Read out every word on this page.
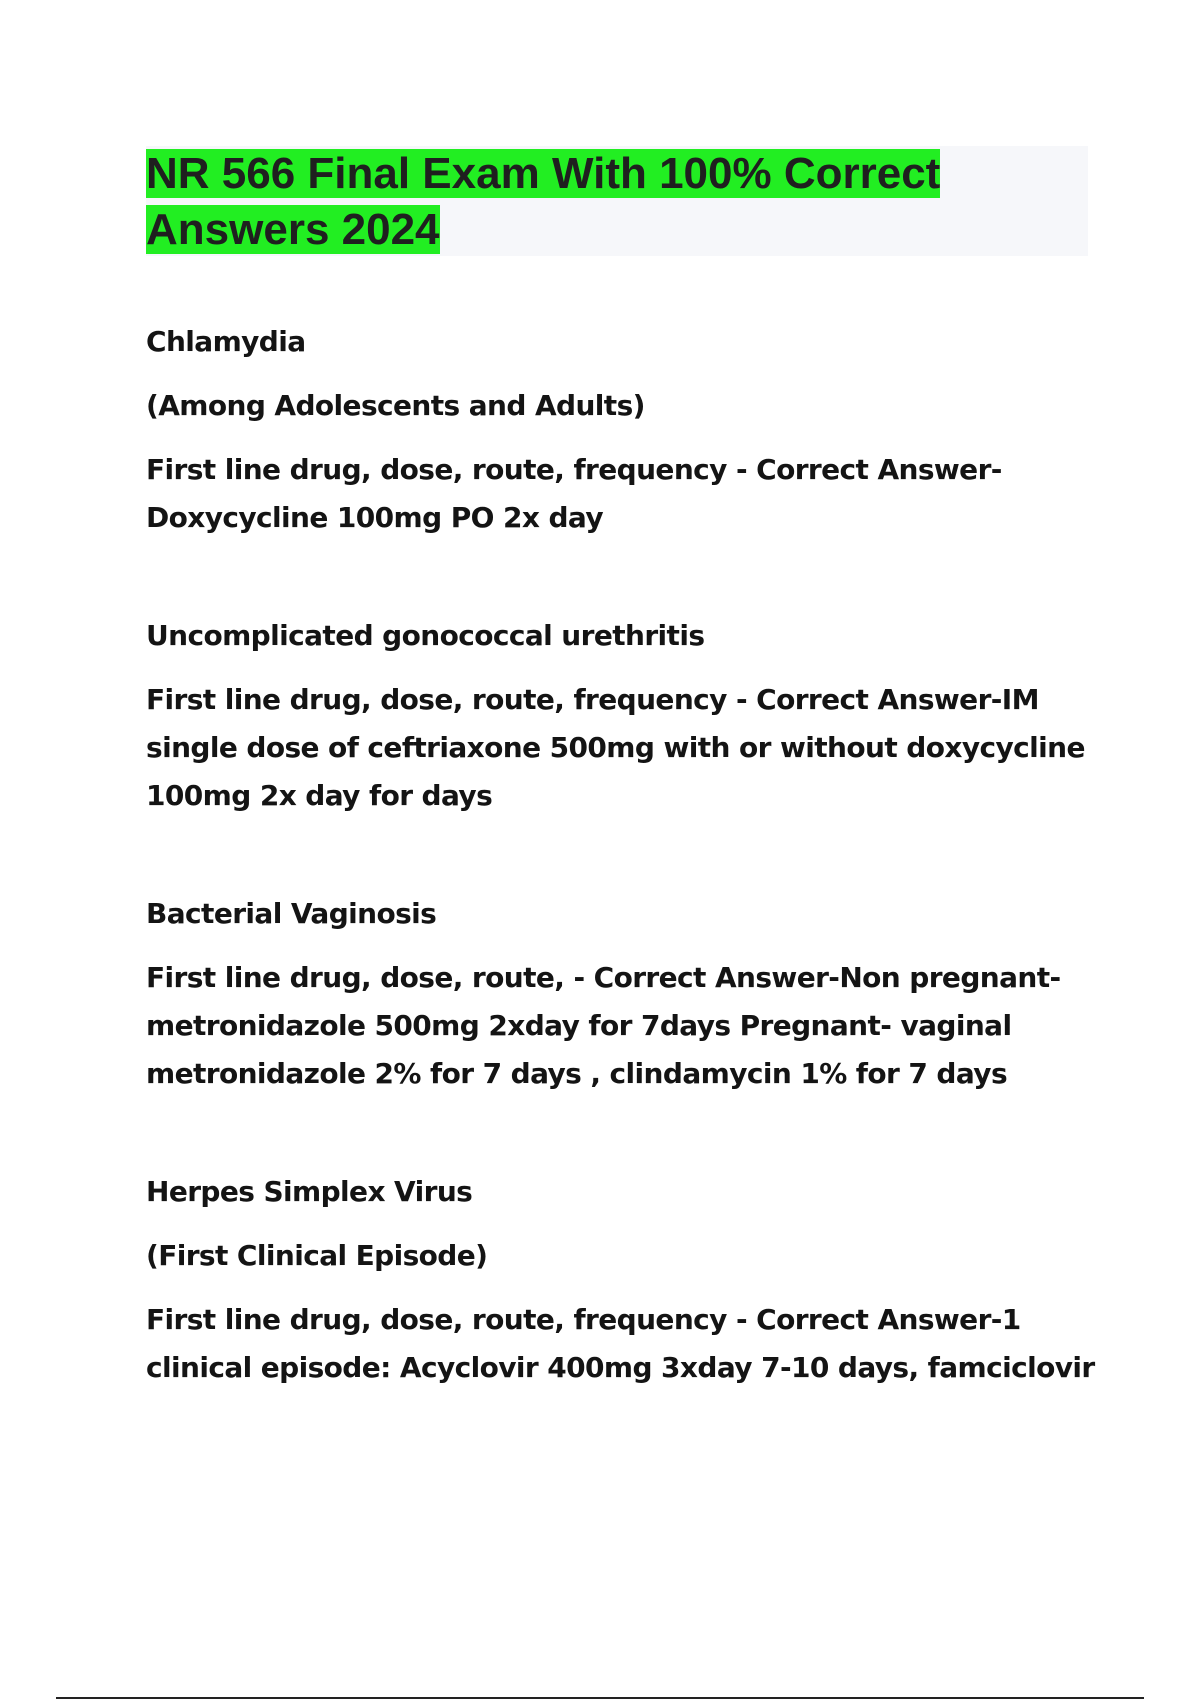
NR 566 Final Exam With 100% Correct
Answers 2024
Chlamydia
(Among Adolescents and Adults)

First line drug, dose, route, frequency - Correct Answer-
Doxycycline 100mg PO 2x day

Uncomplicated gonococcal urethritis

First line drug, dose, route, frequency - Correct Answer-IM
single dose of ceftriaxone 500mg with or without doxycycline
100mg 2x day for days

Bacterial Vaginosis

First line drug, dose, route, - Correct Answer-Non pregnant-
metronidazole 500mg 2xday for 7days Pregnant- vaginal
metronidazole 2% for 7 days , clindamycin 1% for 7 days

Herpes Simplex Virus
(First Clinical Episode)

First line drug, dose, route, frequency - Correct Answer-1
clinical episode: Acyclovir 400mg 3xday 7-10 days, famciclovir
